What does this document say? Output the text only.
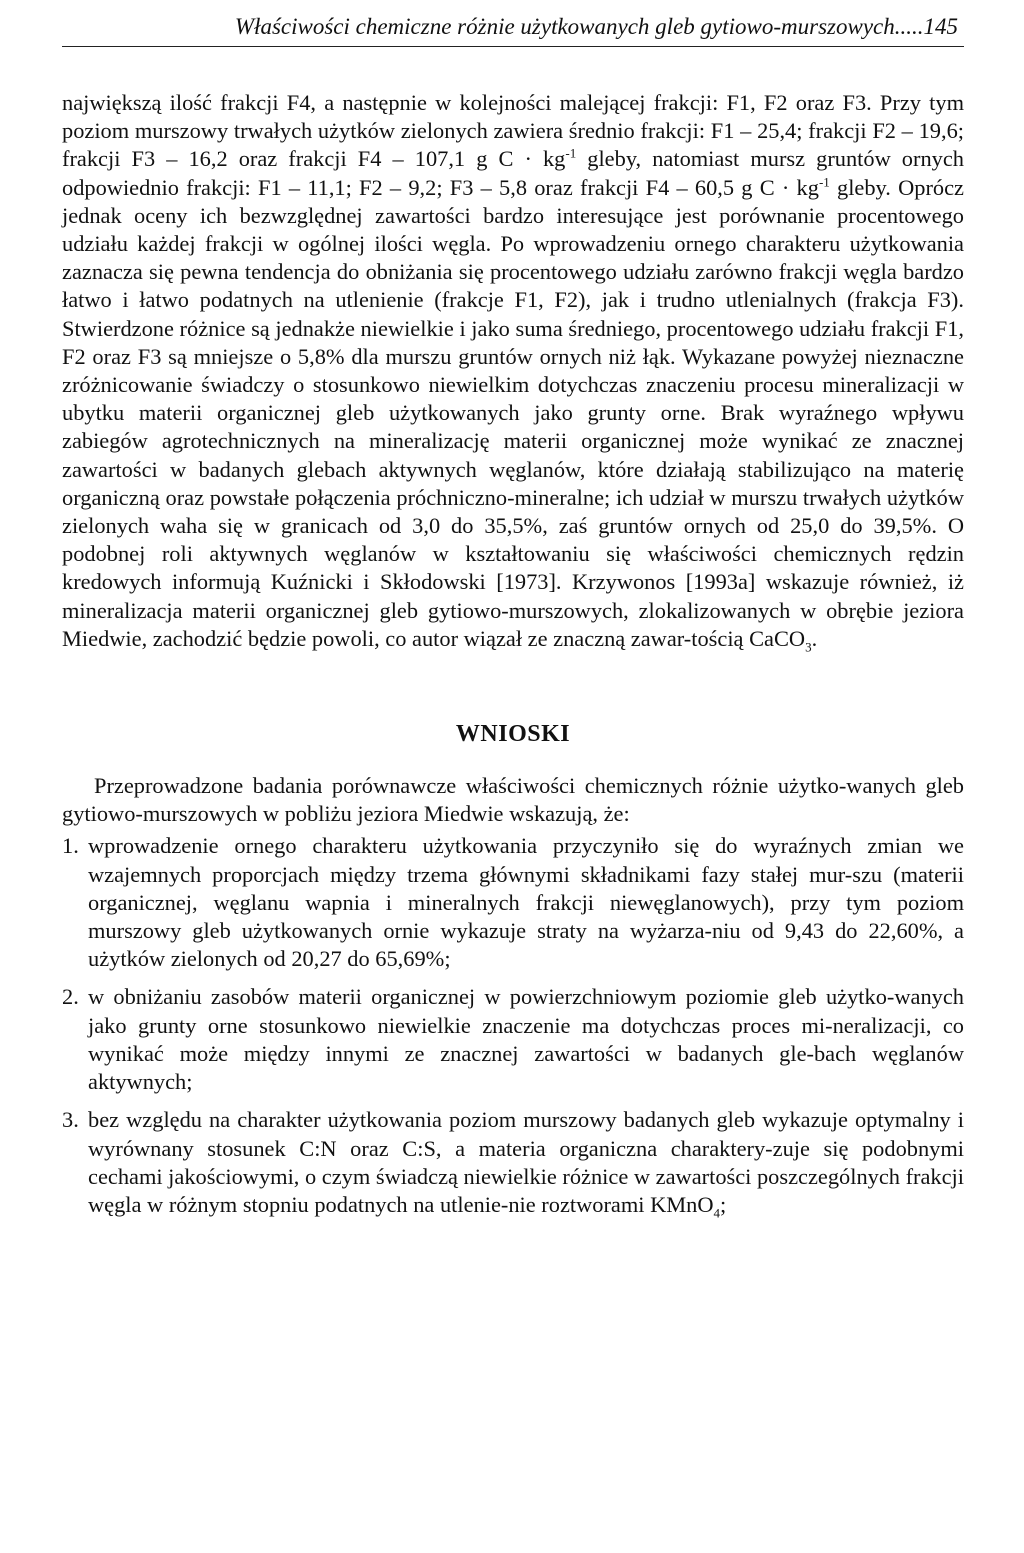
Właściwości chemiczne różnie użytkowanych gleb gytiowo-murszowych.....145

największą ilość frakcji F4, a następnie w kolejności malejącej frakcji: F1, F2 oraz F3. Przy tym poziom murszowy trwałych użytków zielonych zawiera średnio frakcji: F1 – 25,4; frakcji F2 – 19,6; frakcji F3 – 16,2 oraz frakcji F4 – 107,1 g $C \cdot kg^{-1}$ gleby, natomiast mursz gruntów ornych odpowiednio frakcji: F1 – 11,1; F2 – 9,2; F3 – 5,8 oraz frakcji F4 – 60,5 g $C \cdot kg^{-1}$ gleby. Oprócz jednak oceny ich bezwzględnej zawartości bardzo interesujące jest porównanie procentowego udziału każdej frakcji w ogólnej ilości węgla. Po wprowadzeniu ornego charakteru użytkowania zaznacza się pewna tendencja do obniżania się procentowego udziału zarówno frakcji węgla bardzo łatwo i łatwo podatnych na utlenienie (frakcje F1, F2), jak i trudno utlenialnych (frakcja F3). Stwierdzone różnice są jednakże niewielkie i jako suma średniego, procentowego udziału frakcji F1, F2 oraz F3 są mniejsze o 5,8% dla murszu gruntów ornych niż łąk. Wykazane powyżej nieznaczne zróżnicowanie świadczy o stosunkowo niewielkim dotychczas znaczeniu procesu mineralizacji w ubytku materii organicznej gleb użytkowanych jako grunty orne. Brak wyraźnego wpływu zabiegów agrotechnicznych na mineralizację materii organicznej może wynikać ze znacznej zawartości w badanych glebach aktywnych węglanów, które działają stabilizująco na materię organiczną oraz powstałe połączenia próchniczno-mineralne; ich udział w murszu trwałych użytków zielonych waha się w granicach od 3,0 do 35,5%, zaś gruntów ornych od 25,0 do 39,5%. O podobnej roli aktywnych węglanów w kształtowaniu się właściwości chemicznych rędzin kredowych informują Kuźnicki i Skłodowski [1973]. Krzywonos [1993a] wskazuje również, iż mineralizacja materii organicznej gleb gytiowo-murszowych, zlokalizowanych w obrębie jeziora Miedwie, zachodzić będzie powoli, co autor wiązał ze znaczną zawar-tością CaCO$_3$.

WNIOSKI

Przeprowadzone badania porównawcze właściwości chemicznych różnie użytko-wanych gleb gytiowo-murszowych w pobliżu jeziora Miedwie wskazują, że:

1. wprowadzenie ornego charakteru użytkowania przyczyniło się do wyraźnych zmian we wzajemnych proporcjach między trzema głównymi składnikami fazy stałej mur-szu (materii organicznej, węglanu wapnia i mineralnych frakcji niewęglanowych), przy tym poziom murszowy gleb użytkowanych ornie wykazuje straty na wyżarza-niu od 9,43 do 22,60%, a użytków zielonych od 20,27 do 65,69%;
2. w obniżaniu zasobów materii organicznej w powierzchniowym poziomie gleb użytko-wanych jako grunty orne stosunkowo niewielkie znaczenie ma dotychczas proces mi-neralizacji, co wynikać może między innymi ze znacznej zawartości w badanych gle-bach węglanów aktywnych;
3. bez względu na charakter użytkowania poziom murszowy badanych gleb wykazuje optymalny i wyrównany stosunek C:N oraz C:S, a materia organiczna charaktery-zuje się podobnymi cechami jakościowymi, o czym świadczą niewielkie różnice w zawartości poszczególnych frakcji węgla w różnym stopniu podatnych na utlenie-nie roztworami KMnO$_4$;
